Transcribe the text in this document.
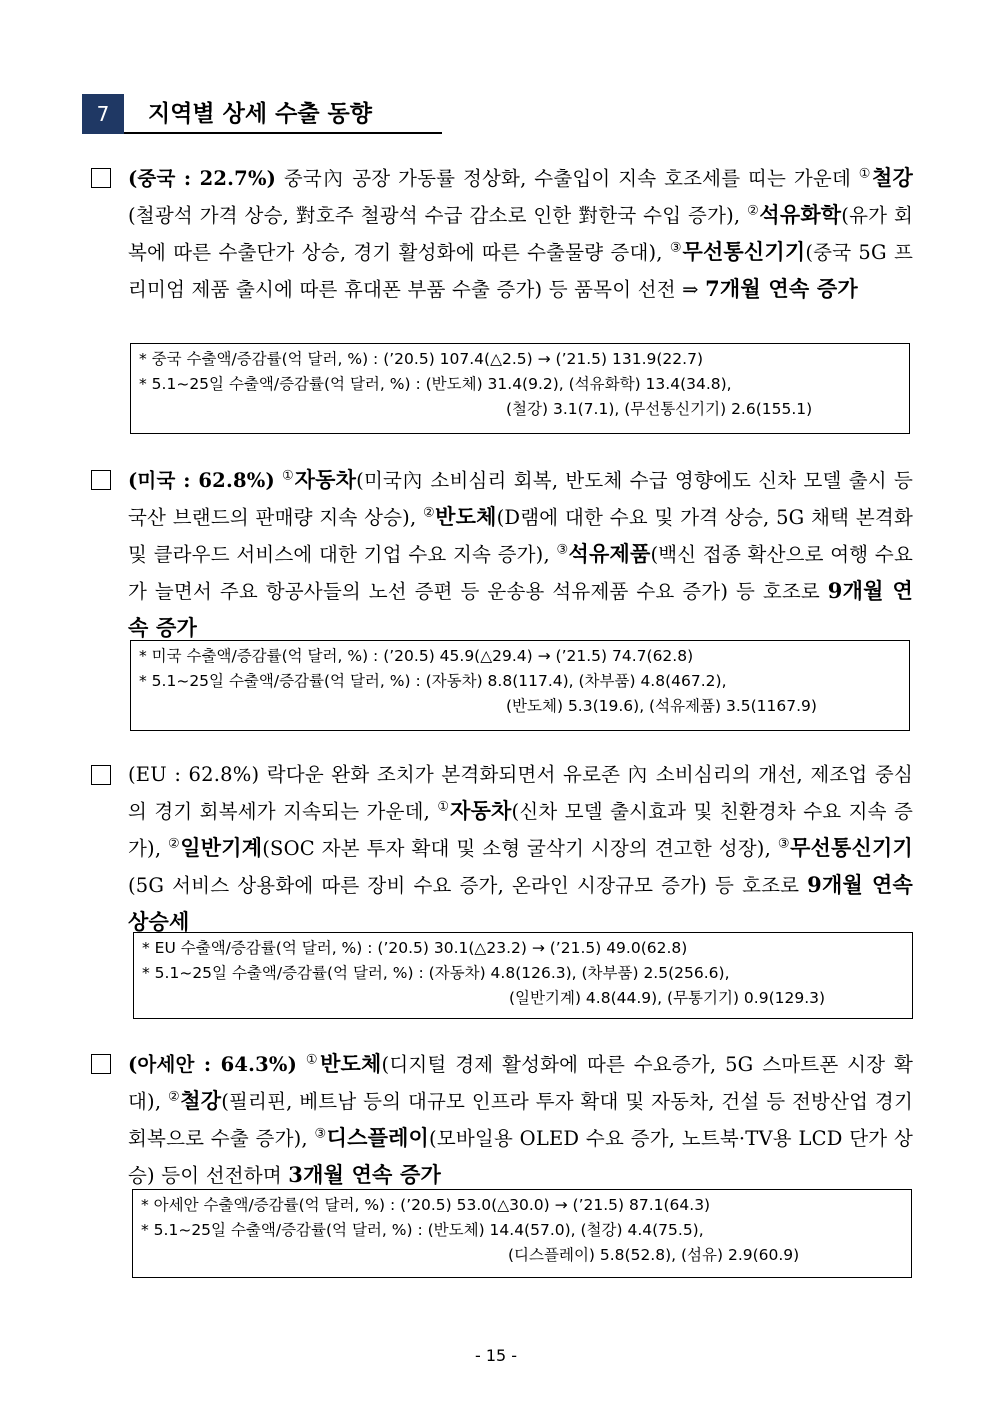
7	지역별 상세 수출 동향
(중국 : 22.7%) 중국內 공장 가동률 정상화, 수출입이 지속 호조세를 띠는 가운데 ①철강(철광석 가격 상승, 對호주 철광석 수급 감소로 인한 對한국 수입 증가), ②석유화학(유가 회복에 따른 수출단가 상승, 경기 활성화에 따른 수출물량 증대), ③무선통신기기(중국 5G 프리미엄 제품 출시에 따른 휴대폰 부품 수출 증가) 등 품목이 선전 ⇒ 7개월 연속 증가
* 중국 수출액/증감률(억 달러, %) : (’20.5) 107.4(△2.5) → (’21.5) 131.9(22.7)
* 5.1~25일 수출액/증감률(억 달러, %) : (반도체) 31.4(9.2), (석유화학) 13.4(34.8),
(철강) 3.1(7.1), (무선통신기기) 2.6(155.1)
(미국 : 62.8%) ①자동차(미국內 소비심리 회복, 반도체 수급 영향에도 신차 모델 출시 등 국산 브랜드의 판매량 지속 상승), ②반도체(D램에 대한 수요 및 가격 상승, 5G 채택 본격화 및 클라우드 서비스에 대한 기업 수요 지속 증가), ③석유제품(백신 접종 확산으로 여행 수요가 늘면서 주요 항공사들의 노선 증편 등 운송용 석유제품 수요 증가) 등 호조로 9개월 연속 증가
* 미국 수출액/증감률(억 달러, %) : (’20.5) 45.9(△29.4) → (’21.5) 74.7(62.8)
* 5.1~25일 수출액/증감률(억 달러, %) : (자동차) 8.8(117.4), (차부품) 4.8(467.2),
(반도체) 5.3(19.6), (석유제품) 3.5(1167.9)
(EU : 62.8%) 락다운 완화 조치가 본격화되면서 유로존 內 소비심리의 개선, 제조업 중심의 경기 회복세가 지속되는 가운데, ①자동차(신차 모델 출시효과 및 친환경차 수요 지속 증가), ②일반기계(SOC 자본 투자 확대 및 소형 굴삭기 시장의 견고한 성장), ③무선통신기기(5G 서비스 상용화에 따른 장비 수요 증가, 온라인 시장규모 증가) 등 호조로 9개월 연속 상승세
* EU 수출액/증감률(억 달러, %) : (’20.5) 30.1(△23.2) → (’21.5) 49.0(62.8)
* 5.1~25일 수출액/증감률(억 달러, %) : (자동차) 4.8(126.3), (차부품) 2.5(256.6),
(일반기계) 4.8(44.9), (무통기기) 0.9(129.3)
(아세안 : 64.3%) ①반도체(디지털 경제 활성화에 따른 수요증가, 5G 스마트폰 시장 확대), ②철강(필리핀, 베트남 등의 대규모 인프라 투자 확대 및 자동차, 건설 등 전방산업 경기 회복으로 수출 증가), ③디스플레이(모바일용 OLED 수요 증가, 노트북·TV용 LCD 단가 상승) 등이 선전하며 3개월 연속 증가
* 아세안 수출액/증감률(억 달러, %) : (’20.5) 53.0(△30.0) → (’21.5) 87.1(64.3)
* 5.1~25일 수출액/증감률(억 달러, %) : (반도체) 14.4(57.0), (철강) 4.4(75.5),
(디스플레이) 5.8(52.8), (섬유) 2.9(60.9)
- 15 -
